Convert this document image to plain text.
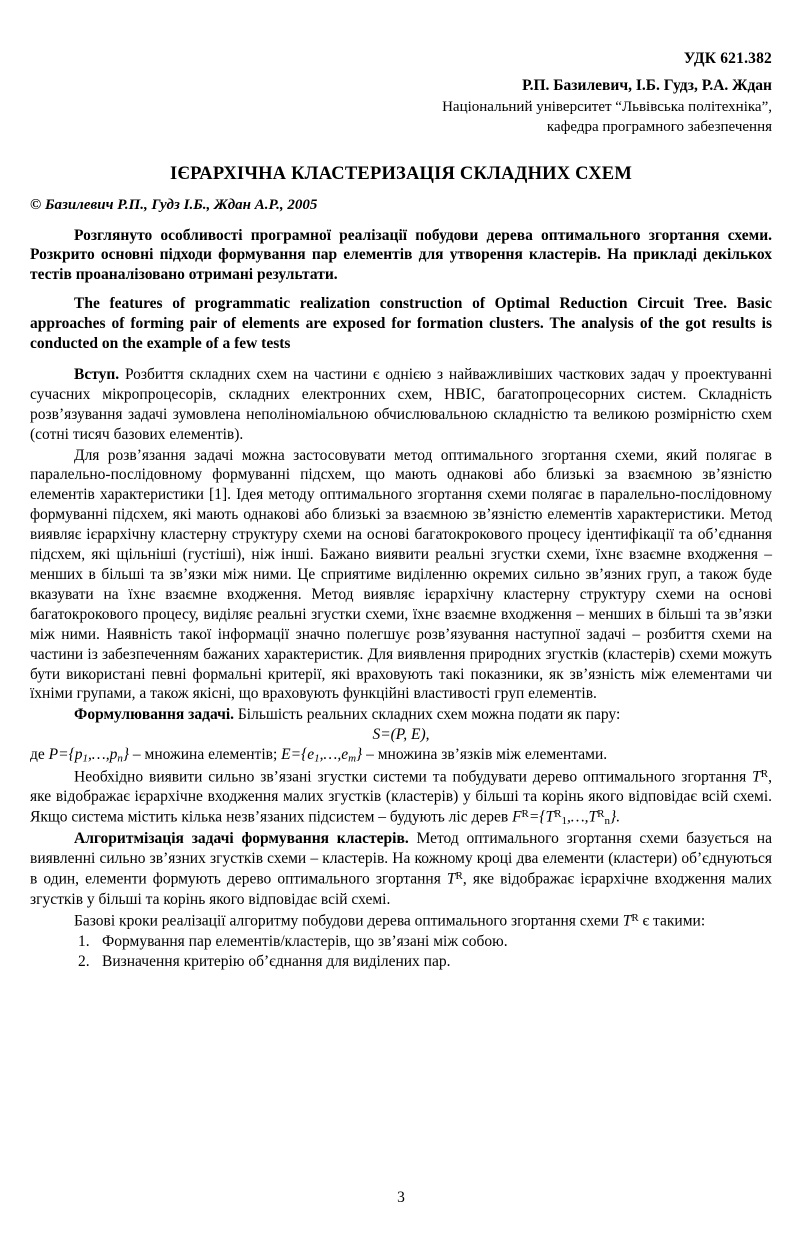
УДК 621.382
Р.П. Базилевич, І.Б. Гудз, Р.А. Ждан
Національний університет “Львівська політехніка”,
кафедра програмного забезпечення
ІЄРАРХІЧНА КЛАСТЕРИЗАЦІЯ СКЛАДНИХ СХЕМ
© Базилевич Р.П., Гудз І.Б., Ждан А.Р., 2005
Розглянуто особливості програмної реалізації побудови дерева оптимального згортання схеми. Розкрито основні підходи формування пар елементів для утворення кластерів. На прикладі декількох тестів проаналізовано отримані результати.
The features of programmatic realization construction of Optimal Reduction Circuit Tree. Basic approaches of forming pair of elements are exposed for formation clusters. The analysis of the got results is conducted on the example of a few tests

Вступ. Розбиття складних схем на частини є однією з найважливіших часткових задач у проектуванні сучасних мікропроцесорів, складних електронних схем, НВІС, багатопроцесорних систем. Складність розв’язування задачі зумовлена неполіноміальною обчислювальною складністю та великою розмірністю схем (сотні тисяч базових елементів).

Для розв’язання задачі можна застосовувати метод оптимального згортання схеми, який полягає в паралельно-послідовному формуванні підсхем, що мають однакові або близькі за взаємною зв’язністю елементів характеристики [1]. Ідея методу оптимального згортання схеми полягає в паралельно-послідовному формуванні підсхем, які мають однакові або близькі за взаємною зв’язністю елементів характеристики. Метод виявляє ієрархічну кластерну структуру схеми на основі багатокрокового процесу ідентифікації та об’єднання підсхем, які щільніші (густіші), ніж інші. Бажано виявити реальні згустки схеми, їхнє взаємне входження – менших в більші та зв’язки між ними. Це сприятиме виділенню окремих сильно зв’язних груп, а також буде вказувати на їхнє взаємне входження. Метод виявляє ієрархічну кластерну структуру схеми на основі багатокрокового процесу, виділяє реальні згустки схеми, їхнє взаємне входження – менших в більші та зв’язки між ними. Наявність такої інформації значно полегшує розв’язування наступної задачі – розбиття схеми на частини із забезпеченням бажаних характеристик. Для виявлення природних згустків (кластерів) схеми можуть бути використані певні формальні критерії, які враховують такі показники, як зв’язність між елементами чи їхніми групами, а також якісні, що враховують функційні властивості груп елементів.

Формулювання задачі. Більшість реальних складних схем можна подати як пару:

S=(P, E),

де $P=\{p_1,\dots,p_n\}$ – множина елементів; $E=\{e_1,\dots,e_m\}$ – множина зв’язків між елементами.

Необхідно виявити сильно зв’язані згустки системи та побудувати дерево оптимального згортання $T^R$, яке відображає ієрархічне входження малих згустків (кластерів) у більші та корінь якого відповідає всій схемі. Якщо система містить кілька незв’язаних підсистем – будують ліс дерев $F^R=\{T^R_1,\dots,T^R_n\}$.

Алгоритмізація задачі формування кластерів. Метод оптимального згортання схеми базується на виявленні сильно зв’язних згустків схеми – кластерів. На кожному кроці два елементи (кластери) об’єднуються в один, елементи формують дерево оптимального згортання $T^R$, яке відображає ієрархічне входження малих згустків у більші та корінь якого відповідає всій схемі.

Базові кроки реалізації алгоритму побудови дерева оптимального згортання схеми $T^R$ є такими:

1. Формування пар елементів/кластерів, що зв’язані між собою.
2. Визначення критерію об’єднання для виділених пар.
3
